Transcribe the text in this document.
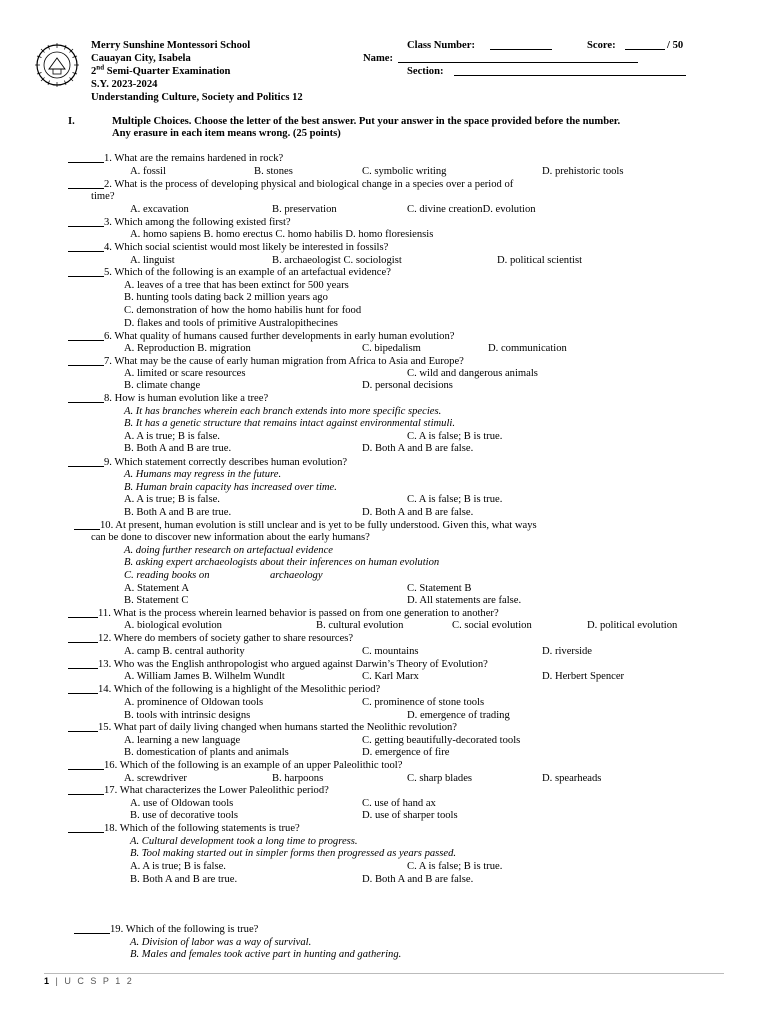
Merry Sunshine Montessori School
Cauayan City, Isabela
2nd Semi-Quarter Examination
S.Y. 2023-2024
Understanding Culture, Society and Politics 12
Class Number:	Score:	/ 50
Name:
Section:
I.	Multiple Choices. Choose the letter of the best answer. Put your answer in the space provided before the number.
Any erasure in each item means wrong. (25 points)
1. What are the remains hardened in rock?
A. fossil	B. stones	C. symbolic writing	D. prehistoric tools
2. What is the process of developing physical and biological change in a species over a period of
time?
A. excavation	B. preservation	C. divine creationD. evolution
3. Which among the following existed first?
A. homo sapiens B. homo erectus C. homo habilis D. homo floresiensis
4. Which social scientist would most likely be interested in fossils?
A. linguist	B. archaeologist C. sociologist	D. political scientist
5. Which of the following is an example of an artefactual evidence?
A. leaves of a tree that has been extinct for 500 years
B. hunting tools dating back 2 million years ago
C. demonstration of how the homo habilis hunt for food
D. flakes and tools of primitive Australopithecines
6. What quality of humans caused further developments in early human evolution?
A. Reproduction B. migration	C. bipedalism	D. communication
7. What may be the cause of early human migration from Africa to Asia and Europe?
A. limited or scare resources	C. wild and dangerous animals
B. climate change	D. personal decisions
8. How is human evolution like a tree?
A. It has branches wherein each branch extends into more specific species.
B. It has a genetic structure that remains intact against environmental stimuli.
A. A is true; B is false.	C. A is false; B is true.
B. Both A and B are true.	D. Both A and B are false.
9. Which statement correctly describes human evolution?
A. Humans may regress in the future.
B. Human brain capacity has increased over time.
A. A is true; B is false.	C. A is false; B is true.
B. Both A and B are true.	D. Both A and B are false.
10. At present, human evolution is still unclear and is yet to be fully understood. Given this, what ways
can be done to discover new information about the early humans?
A. doing further research on artefactual evidence
B. asking expert archaeologists about their inferences on human evolution
C. reading books on	archaeology
A. Statement A	C. Statement B
B. Statement C	D. All statements are false.
11. What is the process wherein learned behavior is passed on from one generation to another?
A. biological evolution	B. cultural evolution	C. social evolution	D. political evolution
12. Where do members of society gather to share resources?
A. camp B. central authority	C. mountains	D. riverside
13. Who was the English anthropologist who argued against Darwin’s Theory of Evolution?
A. William James B. Wilhelm Wundlt	C. Karl Marx	D. Herbert Spencer
14. Which of the following is a highlight of the Mesolithic period?
A. prominence of Oldowan tools	C. prominence of stone tools
B. tools with intrinsic designs	D. emergence of trading
15. What part of daily living changed when humans started the Neolithic revolution?
A. learning a new language	C. getting beautifully-decorated tools
B. domestication of plants and animals	D. emergence of fire
16. Which of the following is an example of an upper Paleolithic tool?
A. screwdriver	B. harpoons	C. sharp blades	D. spearheads
17. What characterizes the Lower Paleolithic period?
A. use of Oldowan tools	C. use of hand ax
B. use of decorative tools	D. use of sharper tools
18. Which of the following statements is true?
A. Cultural development took a long time to progress.
B. Tool making started out in simpler forms then progressed as years passed.
A. A is true; B is false.	C. A is false; B is true.
B. Both A and B are true.	D. Both A and B are false.
19. Which of the following is true?
A. Division of labor was a way of survival.
B. Males and females took active part in hunting and gathering.
1 | U C S P 1 2
